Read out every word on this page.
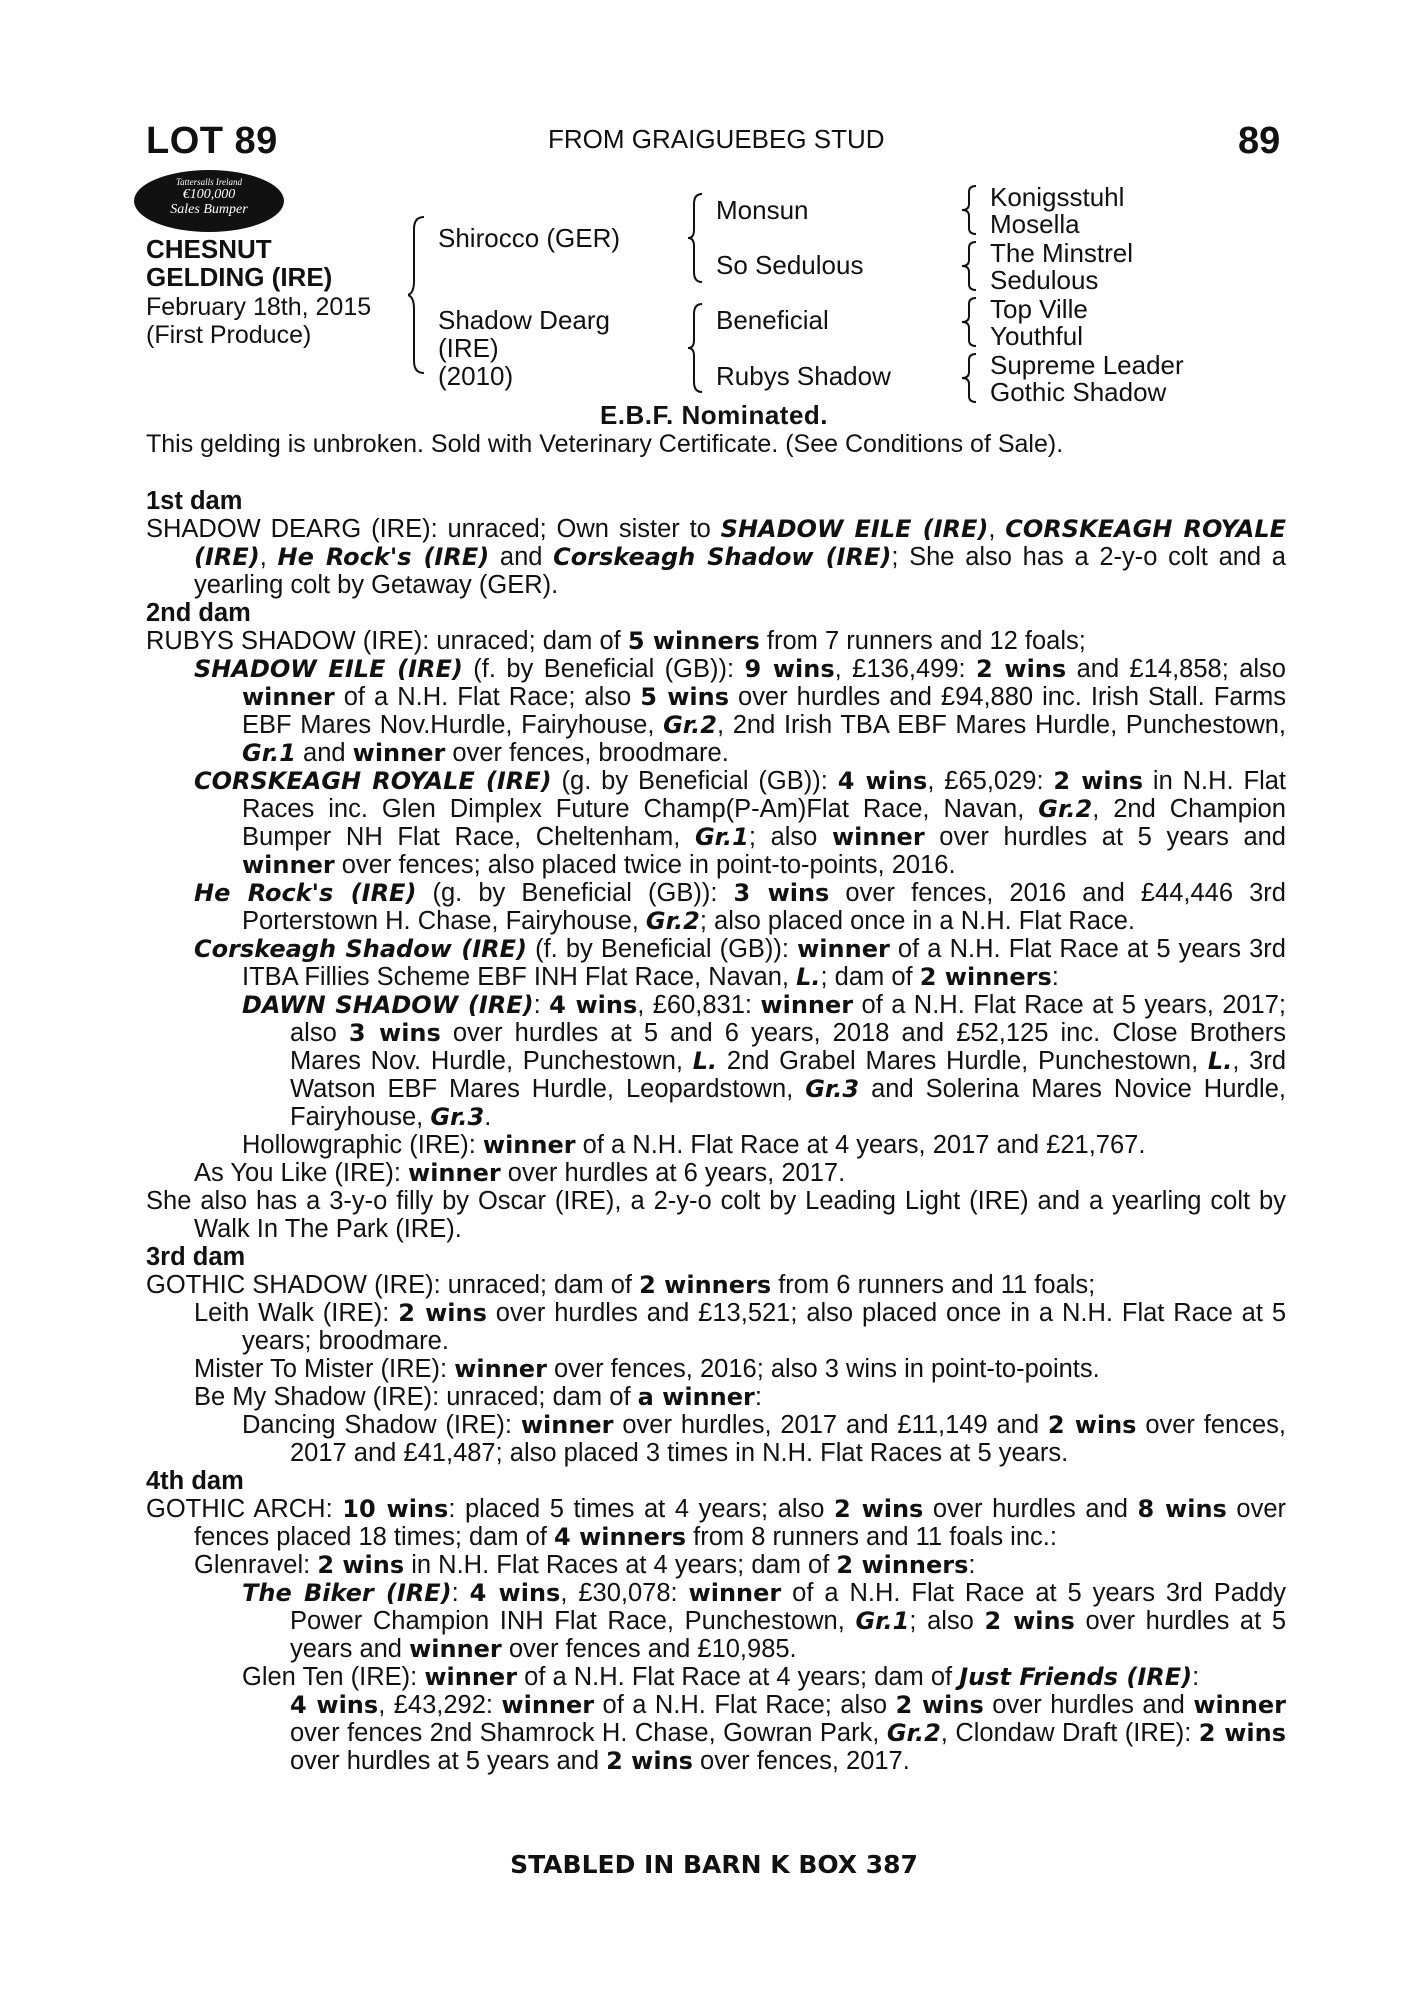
LOT 89	FROM GRAIGUEBEG STUD	89
Tattersalls Ireland
€100,000
Sales Bumper
CHESNUT
GELDING (IRE)
February 18th, 2015
(First Produce)
Shirocco (GER)
Shadow Dearg
(IRE)
(2010)
Monsun
So Sedulous
Beneficial
Rubys Shadow
Konigsstuhl
Mosella
The Minstrel
Sedulous
Top Ville
Youthful
Supreme Leader
Gothic Shadow
E.B.F. Nominated.
This gelding is unbroken. Sold with Veterinary Certificate. (See Conditions of Sale).

1st dam

SHADOW DEARG (IRE): unraced; Own sister to SHADOW EILE (IRE), CORSKEAGH ROYALE (IRE), He Rock's (IRE) and Corskeagh Shadow (IRE); She also has a 2-y-o colt and a yearling colt by Getaway (GER).

2nd dam

RUBYS SHADOW (IRE): unraced; dam of 5 winners from 7 runners and 12 foals;

SHADOW EILE (IRE) (f. by Beneficial (GB)): 9 wins, £136,499: 2 wins and £14,858; also winner of a N.H. Flat Race; also 5 wins over hurdles and £94,880 inc. Irish Stall. Farms EBF Mares Nov.Hurdle, Fairyhouse, Gr.2, 2nd Irish TBA EBF Mares Hurdle, Punchestown, Gr.1 and winner over fences, broodmare.

CORSKEAGH ROYALE (IRE) (g. by Beneficial (GB)): 4 wins, £65,029: 2 wins in N.H. Flat Races inc. Glen Dimplex Future Champ(P-Am)Flat Race, Navan, Gr.2, 2nd Champion Bumper NH Flat Race, Cheltenham, Gr.1; also winner over hurdles at 5 years and winner over fences; also placed twice in point-to-points, 2016.

He Rock's (IRE) (g. by Beneficial (GB)): 3 wins over fences, 2016 and £44,446 3rd Porterstown H. Chase, Fairyhouse, Gr.2; also placed once in a N.H. Flat Race.

Corskeagh Shadow (IRE) (f. by Beneficial (GB)): winner of a N.H. Flat Race at 5 years 3rd ITBA Fillies Scheme EBF INH Flat Race, Navan, L.; dam of 2 winners:

DAWN SHADOW (IRE): 4 wins, £60,831: winner of a N.H. Flat Race at 5 years, 2017; also 3 wins over hurdles at 5 and 6 years, 2018 and £52,125 inc. Close Brothers Mares Nov. Hurdle, Punchestown, L. 2nd Grabel Mares Hurdle, Punchestown, L., 3rd Watson EBF Mares Hurdle, Leopardstown, Gr.3 and Solerina Mares Novice Hurdle, Fairyhouse, Gr.3.

Hollowgraphic (IRE): winner of a N.H. Flat Race at 4 years, 2017 and £21,767.

As You Like (IRE): winner over hurdles at 6 years, 2017.

She also has a 3-y-o filly by Oscar (IRE), a 2-y-o colt by Leading Light (IRE) and a yearling colt by Walk In The Park (IRE).

3rd dam

GOTHIC SHADOW (IRE): unraced; dam of 2 winners from 6 runners and 11 foals;

Leith Walk (IRE): 2 wins over hurdles and £13,521; also placed once in a N.H. Flat Race at 5 years; broodmare.

Mister To Mister (IRE): winner over fences, 2016; also 3 wins in point-to-points.

Be My Shadow (IRE): unraced; dam of a winner:

Dancing Shadow (IRE): winner over hurdles, 2017 and £11,149 and 2 wins over fences, 2017 and £41,487; also placed 3 times in N.H. Flat Races at 5 years.

4th dam

GOTHIC ARCH: 10 wins: placed 5 times at 4 years; also 2 wins over hurdles and 8 wins over fences placed 18 times; dam of 4 winners from 8 runners and 11 foals inc.:

Glenravel: 2 wins in N.H. Flat Races at 4 years; dam of 2 winners:

The Biker (IRE): 4 wins, £30,078: winner of a N.H. Flat Race at 5 years 3rd Paddy Power Champion INH Flat Race, Punchestown, Gr.1; also 2 wins over hurdles at 5 years and winner over fences and £10,985.

Glen Ten (IRE): winner of a N.H. Flat Race at 4 years; dam of Just Friends (IRE):

4 wins, £43,292: winner of a N.H. Flat Race; also 2 wins over hurdles and winner over fences 2nd Shamrock H. Chase, Gowran Park, Gr.2, Clondaw Draft (IRE): 2 wins over hurdles at 5 years and 2 wins over fences, 2017.

STABLED IN BARN K BOX 387
